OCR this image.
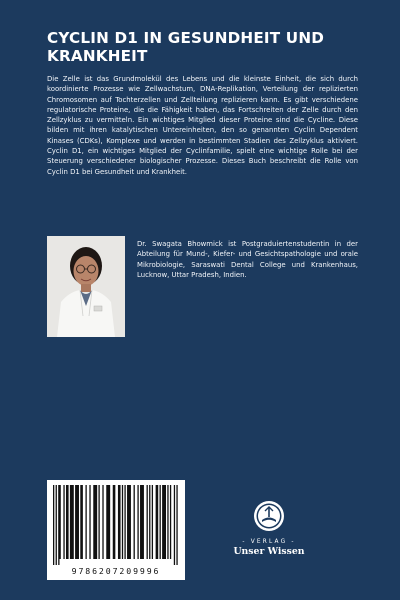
CYCLIN D1 IN GESUNDHEIT UND KRANKHEIT
Die Zelle ist das Grundmolekül des Lebens und die kleinste Einheit, die sich durch koordinierte Prozesse wie Zellwachstum, DNA-Replikation, Verteilung der replizierten Chromosomen auf Tochterzellen und Zellteilung replizieren kann. Es gibt verschiedene regulatorische Proteine, die die Fähigkeit haben, das Fortschreiten der Zelle durch den Zellzyklus zu vermitteln. Ein wichtiges Mitglied dieser Proteine sind die Cycline. Diese bilden mit ihren katalytischen Untereinheiten, den so genannten Cyclin Dependent Kinases (CDKs), Komplexe und werden in bestimmten Stadien des Zellzyklus aktiviert. Cyclin D1, ein wichtiges Mitglied der Cyclinfamilie, spielt eine wichtige Rolle bei der Steuerung verschiedener biologischer Prozesse. Dieses Buch beschreibt die Rolle von Cyclin D1 bei Gesundheit und Krankheit.
Dr. Swagata Bhowmick ist Postgraduiertenstudentin in der Abteilung für Mund-, Kiefer- und Gesichtspathologie und orale Mikrobiologie, Saraswati Dental College und Krankenhaus, Lucknow, Uttar Pradesh, Indien.
9786207209996
- VERLAG -
Unser Wissen
